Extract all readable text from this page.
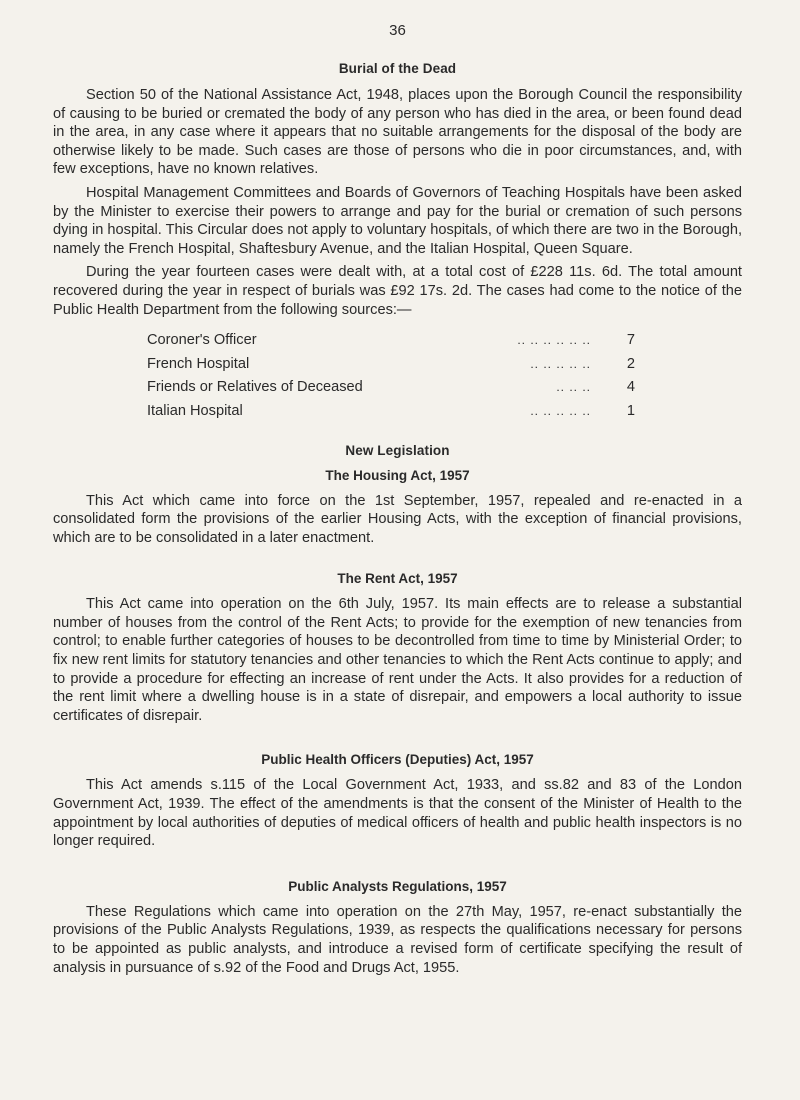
36
Burial of the Dead

Section 50 of the National Assistance Act, 1948, places upon the Borough Council the responsibility of causing to be buried or cremated the body of any person who has died in the area, or been found dead in the area, in any case where it appears that no suitable arrangements for the disposal of the body are otherwise likely to be made. Such cases are those of persons who die in poor circumstances, and, with few exceptions, have no known relatives.

Hospital Management Committees and Boards of Governors of Teaching Hospitals have been asked by the Minister to exercise their powers to arrange and pay for the burial or cremation of such persons dying in hospital. This Circular does not apply to voluntary hospitals, of which there are two in the Borough, namely the French Hospital, Shaftesbury Avenue, and the Italian Hospital, Queen Square.

During the year fourteen cases were dealt with, at a total cost of £228 11s. 6d. The total amount recovered during the year in respect of burials was £92 17s. 2d. The cases had come to the notice of the Public Health Department from the following sources:—

Coroner's Officer	.. .. .. .. .. ..	7
French Hospital	.. .. .. .. ..	2
Friends or Relatives of Deceased	.. .. ..	4
Italian Hospital	.. .. .. .. ..	1
New Legislation
The Housing Act, 1957

This Act which came into force on the 1st September, 1957, repealed and re-enacted in a consolidated form the provisions of the earlier Housing Acts, with the exception of financial provisions, which are to be consolidated in a later enactment.

The Rent Act, 1957

This Act came into operation on the 6th July, 1957. Its main effects are to release a substantial number of houses from the control of the Rent Acts; to provide for the exemption of new tenancies from control; to enable further categories of houses to be decontrolled from time to time by Ministerial Order; to fix new rent limits for statutory tenancies and other tenancies to which the Rent Acts continue to apply; and to provide a procedure for effecting an increase of rent under the Acts. It also provides for a reduction of the rent limit where a dwelling house is in a state of disrepair, and empowers a local authority to issue certificates of disrepair.

Public Health Officers (Deputies) Act, 1957

This Act amends s.115 of the Local Government Act, 1933, and ss.82 and 83 of the London Government Act, 1939. The effect of the amendments is that the consent of the Minister of Health to the appointment by local authorities of deputies of medical officers of health and public health inspectors is no longer required.

Public Analysts Regulations, 1957

These Regulations which came into operation on the 27th May, 1957, re-enact substantially the provisions of the Public Analysts Regulations, 1939, as respects the qualifications necessary for persons to be appointed as public analysts, and introduce a revised form of certificate specifying the result of analysis in pursuance of s.92 of the Food and Drugs Act, 1955.
